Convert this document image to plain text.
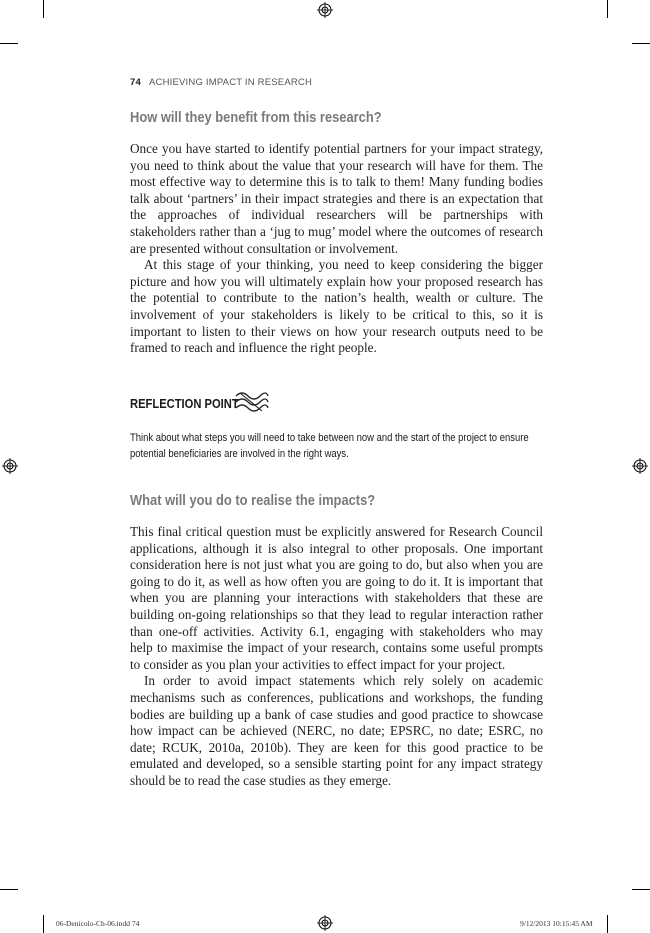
74 ACHIEVING IMPACT IN RESEARCH
How will they benefit from this research?

Once you have started to identify potential partners for your impact strategy, you need to think about the value that your research will have for them. The most effective way to determine this is to talk to them! Many funding bodies talk about ‘partners’ in their impact strategies and there is an expectation that the approaches of individual researchers will be partnerships with stakeholders rather than a ‘jug to mug’ model where the outcomes of research are presented without consultation or involvement.

At this stage of your thinking, you need to keep considering the bigger picture and how you will ultimately explain how your proposed research has the potential to contribute to the nation’s health, wealth or culture. The involvement of your stakeholders is likely to be critical to this, so it is important to listen to their views on how your research outputs need to be framed to reach and influence the right people.

REFLECTION POINT
Think about what steps you will need to take between now and the start of the project to ensure potential beneficiaries are involved in the right ways.
What will you do to realise the impacts?

This final critical question must be explicitly answered for Research Council applications, although it is also integral to other proposals. One important consideration here is not just what you are going to do, but also when you are going to do it, as well as how often you are going to do it. It is important that when you are planning your interactions with stakeholders that these are building on-going relationships so that they lead to regular interaction rather than one-off activities. Activity 6.1, engaging with stakeholders who may help to maximise the impact of your research, contains some useful prompts to consider as you plan your activities to effect impact for your project.

In order to avoid impact statements which rely solely on academic mechanisms such as conferences, publications and workshops, the funding bodies are building up a bank of case studies and good practice to showcase how impact can be achieved (NERC, no date; EPSRC, no date; ESRC, no date; RCUK, 2010a, 2010b). They are keen for this good practice to be emulated and developed, so a sensible starting point for any impact strategy should be to read the case studies as they emerge.

06-Denicolo-Ch-06.indd 74	9/12/2013 10:15:45 AM
